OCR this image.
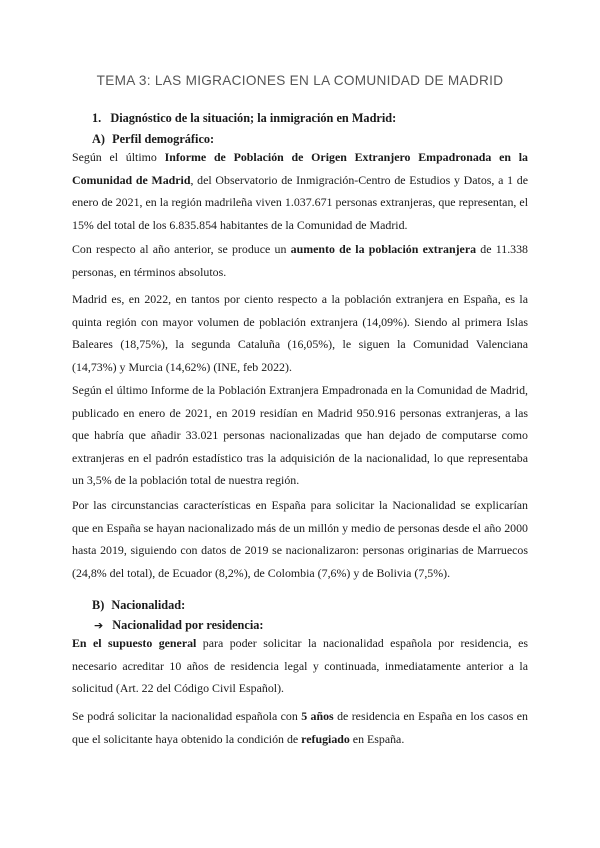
TEMA 3: LAS MIGRACIONES EN LA COMUNIDAD DE MADRID
1. Diagnóstico de la situación; la inmigración en Madrid:
A) Perfil demográfico:

Según el último Informe de Población de Origen Extranjero Empadronada en la Comunidad de Madrid, del Observatorio de Inmigración-Centro de Estudios y Datos, a 1 de enero de 2021, en la región madrileña viven 1.037.671 personas extranjeras, que representan, el 15% del total de los 6.835.854 habitantes de la Comunidad de Madrid.

Con respecto al año anterior, se produce un aumento de la población extranjera de 11.338 personas, en términos absolutos.

Madrid es, en 2022, en tantos por ciento respecto a la población extranjera en España, es la quinta región con mayor volumen de población extranjera (14,09%). Siendo al primera Islas Baleares (18,75%), la segunda Cataluña (16,05%), le siguen la Comunidad Valenciana (14,73%) y Murcia (14,62%) (INE, feb 2022).

Según el último Informe de la Población Extranjera Empadronada en la Comunidad de Madrid, publicado en enero de 2021, en 2019 residían en Madrid 950.916 personas extranjeras, a las que habría que añadir 33.021 personas nacionalizadas que han dejado de computarse como extranjeras en el padrón estadístico tras la adquisición de la nacionalidad, lo que representaba un 3,5% de la población total de nuestra región.

Por las circunstancias características en España para solicitar la Nacionalidad se explicarían que en España se hayan nacionalizado más de un millón y medio de personas desde el año 2000 hasta 2019, siguiendo con datos de 2019 se nacionalizaron: personas originarias de Marruecos (24,8% del total), de Ecuador (8,2%), de Colombia (7,6%) y de Bolivia (7,5%).

B) Nacionalidad:
➔ Nacionalidad por residencia:

En el supuesto general para poder solicitar la nacionalidad española por residencia, es necesario acreditar 10 años de residencia legal y continuada, inmediatamente anterior a la solicitud (Art. 22 del Código Civil Español).

Se podrá solicitar la nacionalidad española con 5 años de residencia en España en los casos en que el solicitante haya obtenido la condición de refugiado en España.
